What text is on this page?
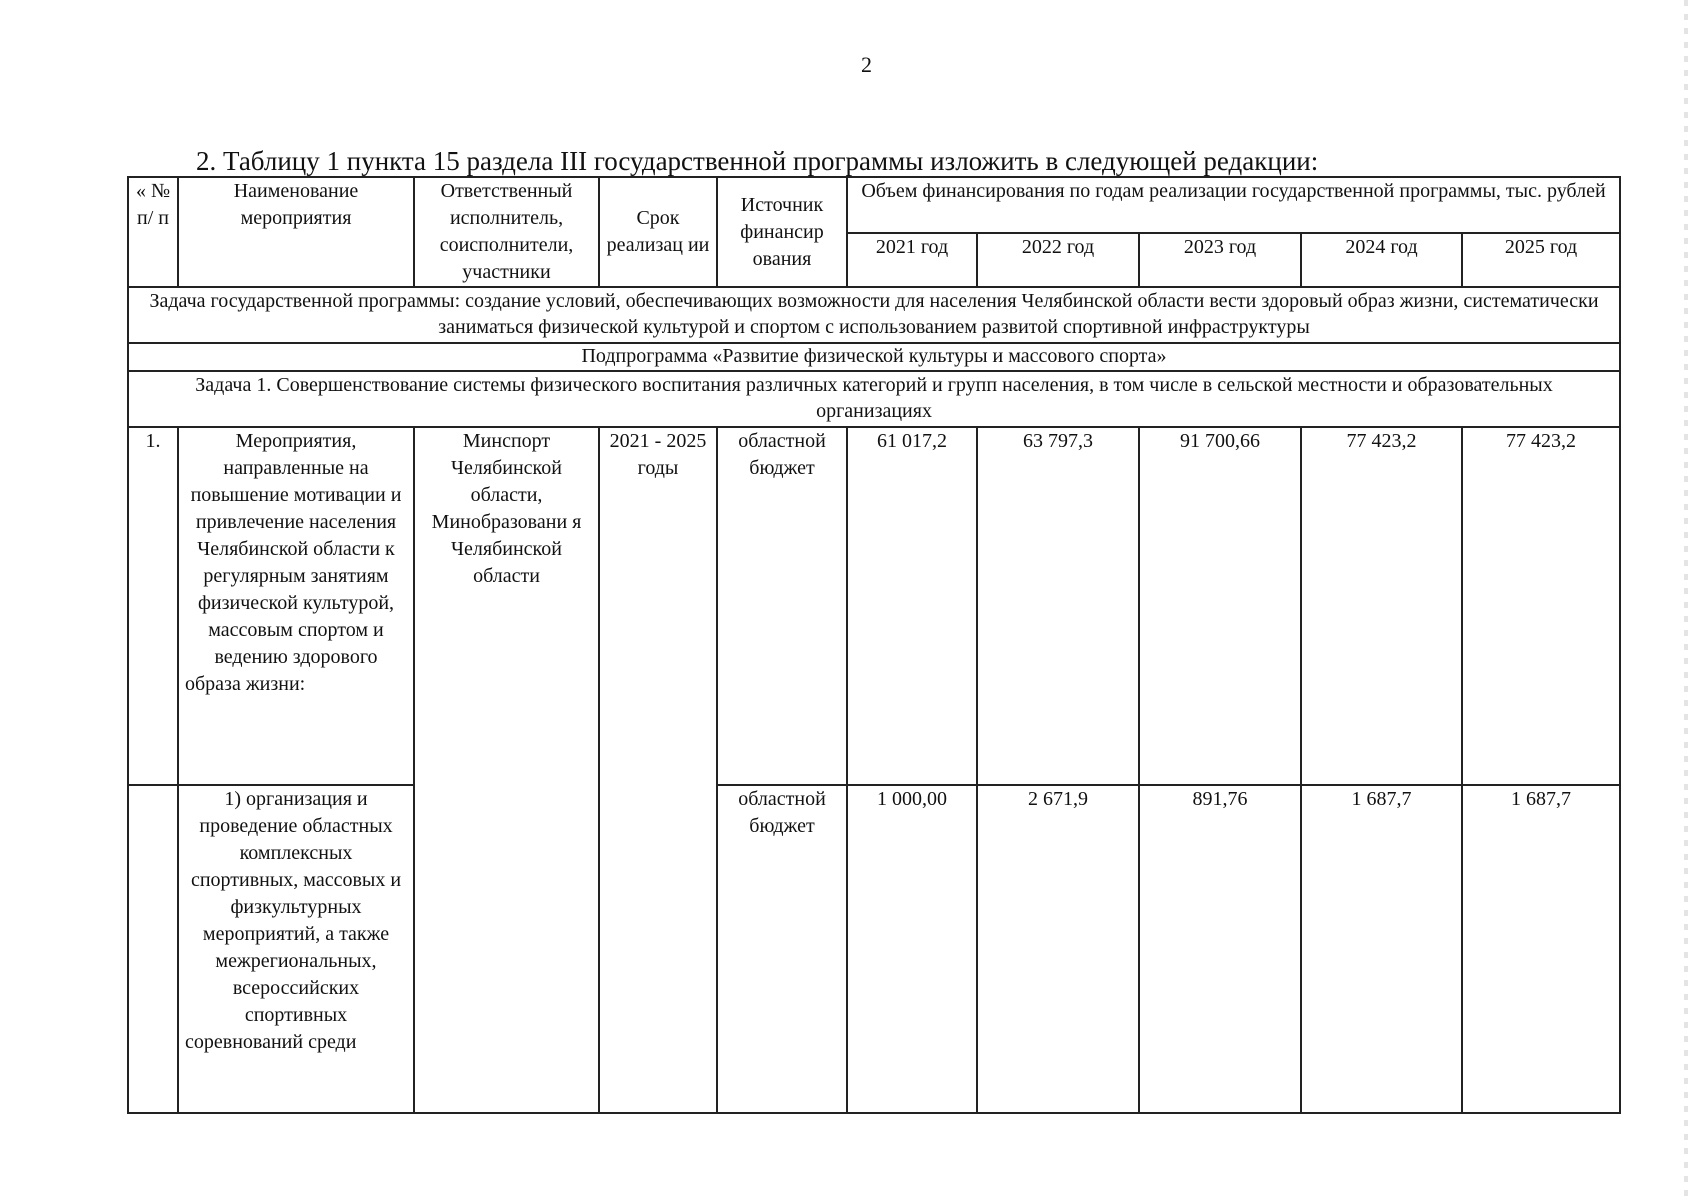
2
2. Таблицу 1 пункта 15 раздела III государственной программы изложить в следующей редакции:
« № п/ п	Наименование мероприятия	Ответственный исполнитель, соисполнители, участники	Срок реализац ии	Источник финансир ования	Объем финансирования по годам реализации государственной программы, тыс. рублей				
					2021 год	2022 год	2023 год	2024 год	2025 год
Задача государственной программы: создание условий, обеспечивающих возможности для населения Челябинской области вести здоровый образ жизни, систематически заниматься физической культурой и спортом с использованием развитой спортивной инфраструктуры									
Подпрограмма «Развитие физической культуры и массового спорта»									
Задача 1. Совершенствование системы физического воспитания различных категорий и групп населения, в том числе в сельской местности и образовательных организациях									
1.	Мероприятия, направленные на повышение мотивации и привлечение населения Челябинской области к регулярным занятиям физической культурой, массовым спортом и ведению здорового образа жизни:	Минспорт Челябинской области, Минобразовани я Челябинской области	2021 - 2025 годы	областной бюджет	61 017,2	63 797,3	91 700,66	77 423,2	77 423,2
	1) организация и проведение областных комплексных спортивных, массовых и физкультурных мероприятий, а также межрегиональных, всероссийских спортивных соревнований среди			областной бюджет	1 000,00	2 671,9	891,76	1 687,7	1 687,7
